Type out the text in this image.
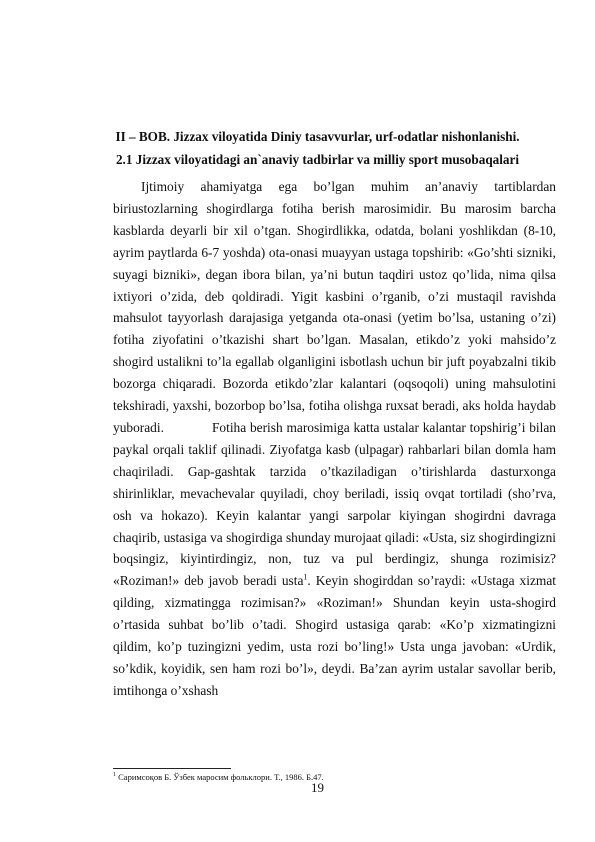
II – BOB. Jizzax viloyatida Diniy tasavvurlar, urf-odatlar nishonlanishi.
2.1 Jizzax viloyatidagi an`anaviy tadbirlar va milliy sport musobaqalari

Ijtimoiy ahamiyatga ega bo’lgan muhim an’anaviy tartiblardan biriustozlarning shogirdlarga fotiha berish marosimidir. Bu marosim barcha kasblarda deyarli bir xil o’tgan. Shogirdlikka, odatda, bolani yoshlikdan (8-10, ayrim paytlarda 6-7 yoshda) ota-onasi muayyan ustaga topshirib: «Go’shti sizniki, suyagi bizniki», degan ibora bilan, ya’ni butun taqdiri ustoz qo’lida, nima qilsa ixtiyori o’zida, deb qoldiradi. Yigit kasbini o’rganib, o’zi mustaqil ravishda mahsulot tayyorlash darajasiga yetganda ota-onasi (yetim bo’lsa, ustaning o’zi) fotiha ziyofatini o’tkazishi shart bo’lgan. Masalan, etikdo’z yoki mahsido’z shogird ustalikni to’la egallab olganligini isbotlash uchun bir juft poyabzalni tikib bozorga chiqaradi. Bozorda etikdo’zlar kalantari (oqsoqoli) uning mahsulotini tekshiradi, yaxshi, bozorbop bo’lsa, fotiha olishga ruxsat beradi, aks holda haydab yuboradi.	Fotiha berish marosimiga katta ustalar kalantar topshirig’i bilan paykal orqali taklif qilinadi. Ziyofatga kasb (ulpagar) rahbarlari bilan domla ham chaqiriladi. Gap-gashtak tarzida o’tkaziladigan o’tirishlarda dasturxonga shirinliklar, mevachevalar quyiladi, choy beriladi, issiq ovqat tortiladi (sho’rva, osh va hokazo). Keyin kalantar yangi sarpolar kiyingan shogirdni davraga chaqirib, ustasiga va shogirdiga shunday murojaat qiladi: «Usta, siz shogirdingizni boqsingiz, kiyintirdingiz, non, tuz va pul berdingiz, shunga rozimisiz? «Roziman!» deb javob beradi usta$^1$. Keyin shogirddan so’raydi: «Ustaga xizmat qilding, xizmatingga rozimisan?» «Roziman!» Shundan keyin usta-shogird o’rtasida suhbat bo’lib o’tadi. Shogird ustasiga qarab: «Ko’p xizmatingizni qildim, ko’p tuzingizni yedim, usta rozi bo’ling!» Usta unga javoban: «Urdik, so’kdik, koyidik, sen ham rozi bo’l», deydi. Ba’zan ayrim ustalar savollar berib, imtihonga o’xshash

$^1$ Саримсоқов Б. Ўзбек маросим фольклори. Т., 1986. Б.47.

19
